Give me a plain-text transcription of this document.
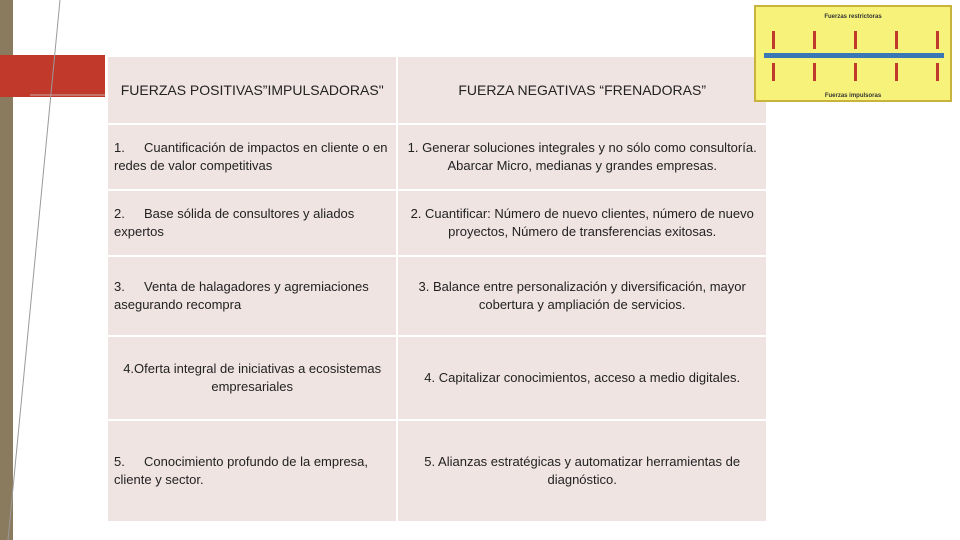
FUERZAS POSITIVAS”IMPULSADORAS"	FUERZA NEGATIVAS “FRENADORAS”
1. Cuantificación de impactos en cliente o en redes de valor competitivas	1. Generar soluciones integrales y no sólo como consultoría. Abarcar Micro, medianas y grandes empresas.
2. Base sólida de consultores y aliados expertos	2. Cuantificar: Número de nuevo clientes, número de nuevo proyectos, Número de transferencias exitosas.
3. Venta de halagadores y agremiaciones asegurando recompra	3. Balance entre personalización y diversificación, mayor cobertura y ampliación de servicios.
4.Oferta integral de iniciativas a ecosistemas empresariales	4. Capitalizar conocimientos, acceso a medio digitales.
5. Conocimiento profundo de la empresa, cliente y sector.	5. Alianzas estratégicas y automatizar herramientas de diagnóstico.
Fuerzas restrictoras
Fuerzas impulsoras
